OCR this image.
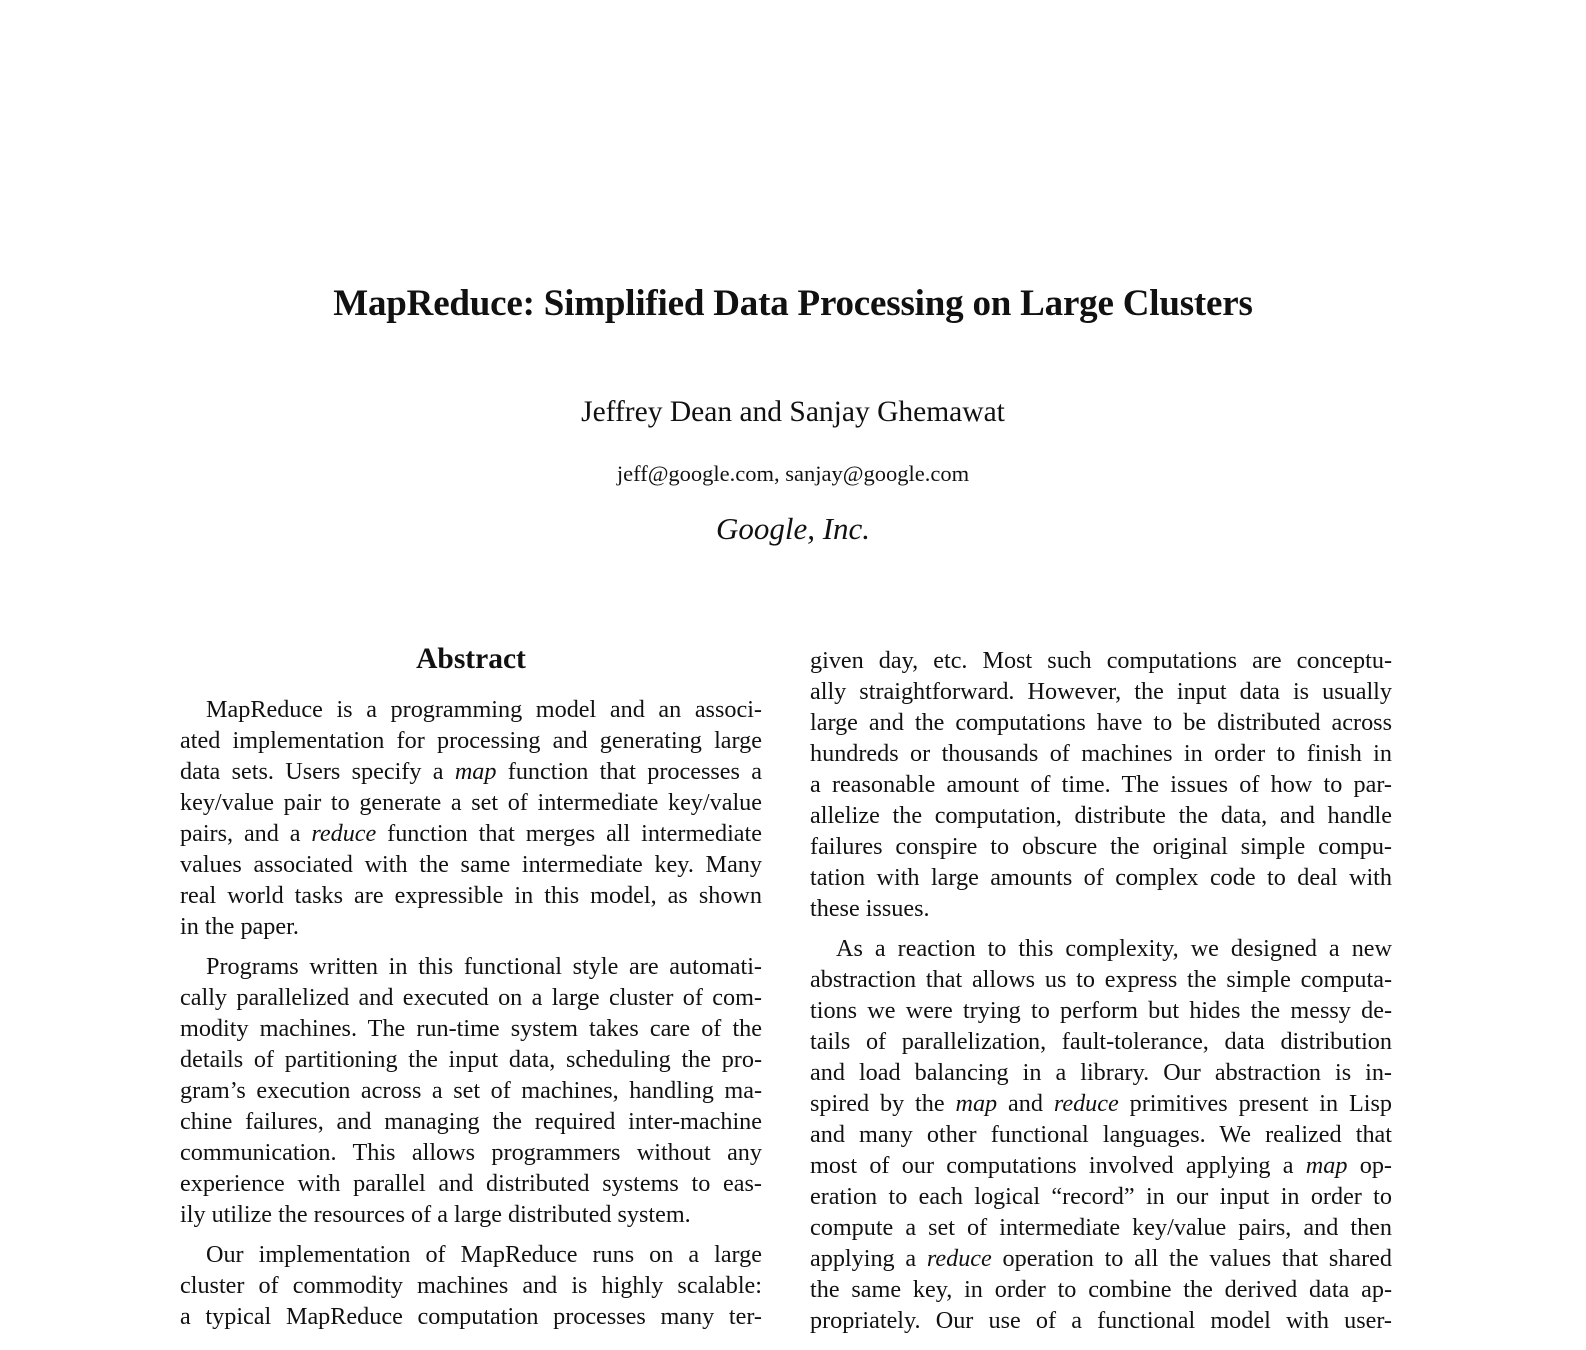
MapReduce: Simplified Data Processing on Large Clusters
Jeffrey Dean and Sanjay Ghemawat
jeff@google.com, sanjay@google.com
Google, Inc.
Abstract
MapReduce is a programming model and an associ-
ated implementation for processing and generating large
data sets. Users specify a map function that processes a
key/value pair to generate a set of intermediate key/value
pairs, and a reduce function that merges all intermediate
values associated with the same intermediate key. Many
real world tasks are expressible in this model, as shown
in the paper.
Programs written in this functional style are automati-
cally parallelized and executed on a large cluster of com-
modity machines. The run-time system takes care of the
details of partitioning the input data, scheduling the pro-
gram’s execution across a set of machines, handling ma-
chine failures, and managing the required inter-machine
communication. This allows programmers without any
experience with parallel and distributed systems to eas-
ily utilize the resources of a large distributed system.
Our implementation of MapReduce runs on a large
cluster of commodity machines and is highly scalable:
a typical MapReduce computation processes many ter-
given day, etc. Most such computations are conceptu-
ally straightforward. However, the input data is usually
large and the computations have to be distributed across
hundreds or thousands of machines in order to finish in
a reasonable amount of time. The issues of how to par-
allelize the computation, distribute the data, and handle
failures conspire to obscure the original simple compu-
tation with large amounts of complex code to deal with
these issues.
As a reaction to this complexity, we designed a new
abstraction that allows us to express the simple computa-
tions we were trying to perform but hides the messy de-
tails of parallelization, fault-tolerance, data distribution
and load balancing in a library. Our abstraction is in-
spired by the map and reduce primitives present in Lisp
and many other functional languages. We realized that
most of our computations involved applying a map op-
eration to each logical “record” in our input in order to
compute a set of intermediate key/value pairs, and then
applying a reduce operation to all the values that shared
the same key, in order to combine the derived data ap-
propriately. Our use of a functional model with user-
